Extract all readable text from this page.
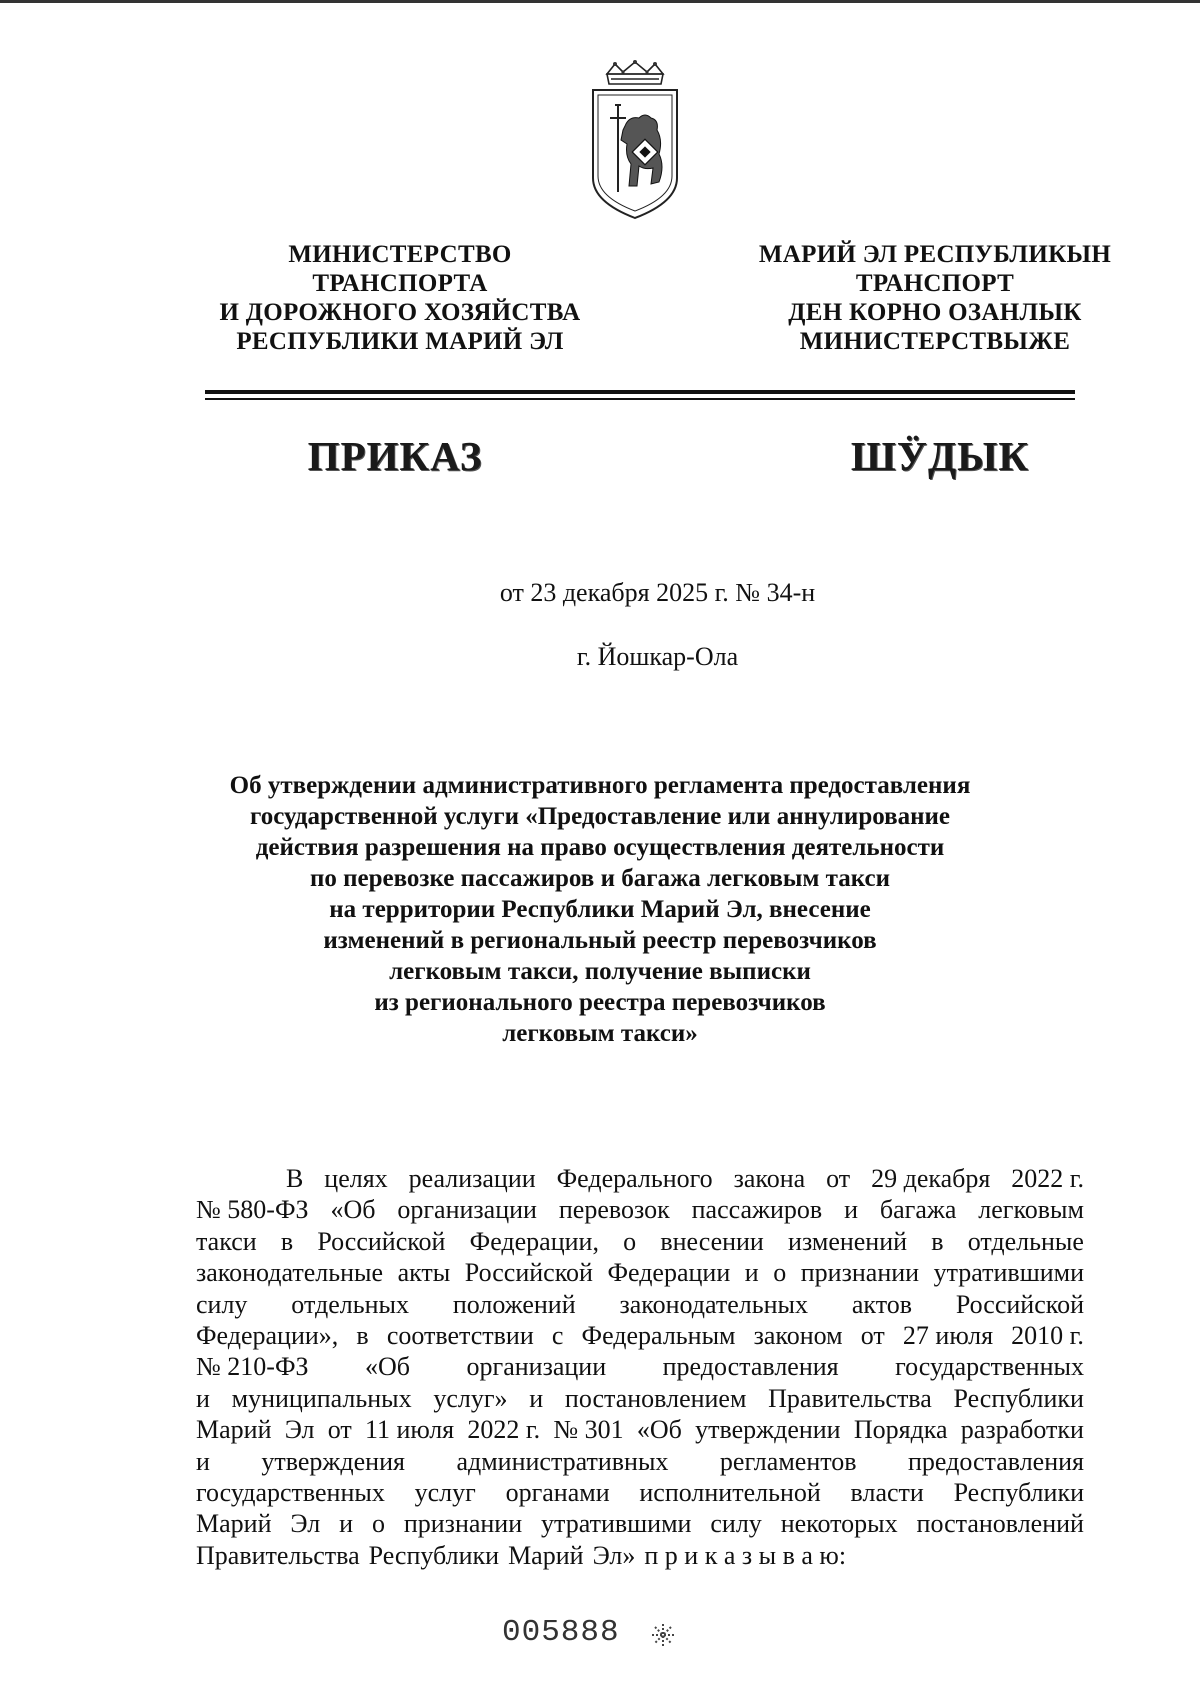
МИНИСТЕРСТВО
ТРАНСПОРТА
И ДОРОЖНОГО ХОЗЯЙСТВА
РЕСПУБЛИКИ МАРИЙ ЭЛ
МАРИЙ ЭЛ РЕСПУБЛИКЫН
ТРАНСПОРТ
ДЕН КОРНО ОЗАНЛЫК
МИНИСТЕРСТВЫЖЕ
ПРИКАЗ	ШӰДЫК
от 23 декабря 2025 г. № 34-н
г. Йошкар-Ола
Об утверждении административного регламента предоставления
государственной услуги «Предоставление или аннулирование
действия разрешения на право осуществления деятельности
по перевозке пассажиров и багажа легковым такси
на территории Республики Марий Эл, внесение
изменений в региональный реестр перевозчиков
легковым такси, получение выписки
из регионального реестра перевозчиков
легковым такси»
В целях реализации Федерального закона от 29 декабря 2022 г.
№ 580-ФЗ «Об организации перевозок пассажиров и багажа легковым
такси в Российской Федерации, о внесении изменений в отдельные
законодательные акты Российской Федерации и о признании утратившими
силу отдельных положений законодательных актов Российской
Федерации», в соответствии с Федеральным законом от 27 июля 2010 г.
№ 210-ФЗ «Об организации предоставления государственных
и муниципальных услуг» и постановлением Правительства Республики
Марий Эл от 11 июля 2022 г. № 301 «Об утверждении Порядка разработки
и утверждения административных регламентов предоставления
государственных услуг органами исполнительной власти Республики
Марий Эл и о признании утратившими силу некоторых постановлений
Правительства Республики Марий Эл» п р и к а з ы в а ю:
005888
